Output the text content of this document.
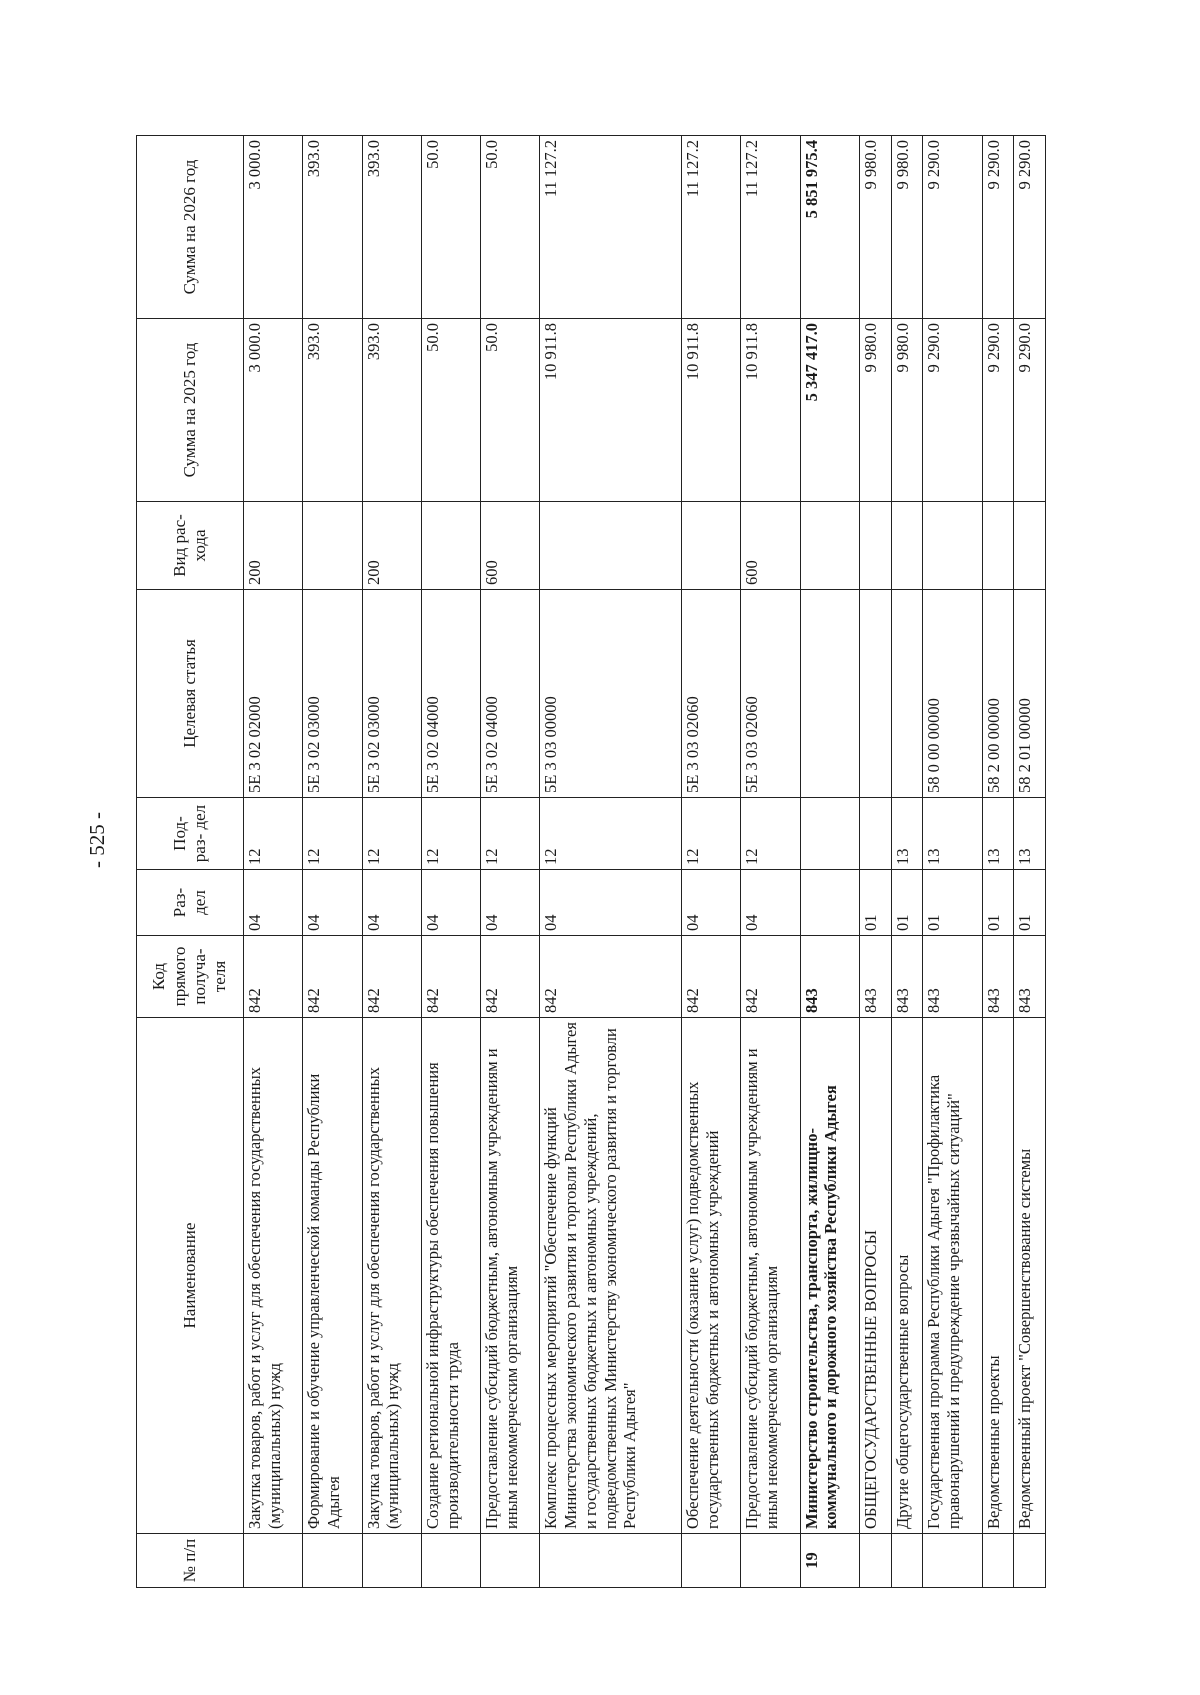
- 525 -
№ п/п	Наименование	Код прямого получа- теля	Раз- дел	Под- раз- дел	Целевая статья	Вид рас- хода	Сумма на 2025 год	Сумма на 2026 год
	Закупка товаров, работ и услуг для обеспечения государственных (муниципальных) нужд	842	04	12	5Е 3 02 02000	200	3 000.0	3 000.0
	Формирование и обучение управленческой команды Республики Адыгея	842	04	12	5Е 3 02 03000		393.0	393.0
	Закупка товаров, работ и услуг для обеспечения государственных (муниципальных) нужд	842	04	12	5Е 3 02 03000	200	393.0	393.0
	Создание региональной инфраструктуры обеспечения повышения производительности труда	842	04	12	5Е 3 02 04000		50.0	50.0
	Предоставление субсидий бюджетным, автономным учреждениям и иным некоммерческим организациям	842	04	12	5Е 3 02 04000	600	50.0	50.0
	Комплекс процессных мероприятий "Обеспечение функций Министерства экономического развития и торговли Республики Адыгея и государственных бюджетных и автономных учреждений, подведомственных Министерству экономического развития и торговли Республики Адыгея"	842	04	12	5Е 3 03 00000		10 911.8	11 127.2
	Обеспечение деятельности (оказание услуг) подведомственных государственных бюджетных и автономных учреждений	842	04	12	5Е 3 03 02060		10 911.8	11 127.2
	Предоставление субсидий бюджетным, автономным учреждениям и иным некоммерческим организациям	842	04	12	5Е 3 03 02060	600	10 911.8	11 127.2
19	Министерство строительства, транспорта, жилищно-коммунального и дорожного хозяйства Республики Адыгея	843					5 347 417.0	5 851 975.4
	ОБЩЕГОСУДАРСТВЕННЫЕ ВОПРОСЫ	843	01				9 980.0	9 980.0
	Другие общегосударственные вопросы	843	01	13			9 980.0	9 980.0
	Государственная программа Республики Адыгея "Профилактика правонарушений и предупреждение чрезвычайных ситуаций"	843	01	13	58 0 00 00000		9 290.0	9 290.0
	Ведомственные проекты	843	01	13	58 2 00 00000		9 290.0	9 290.0
	Ведомственный проект "Совершенствование системы	843	01	13	58 2 01 00000		9 290.0	9 290.0
